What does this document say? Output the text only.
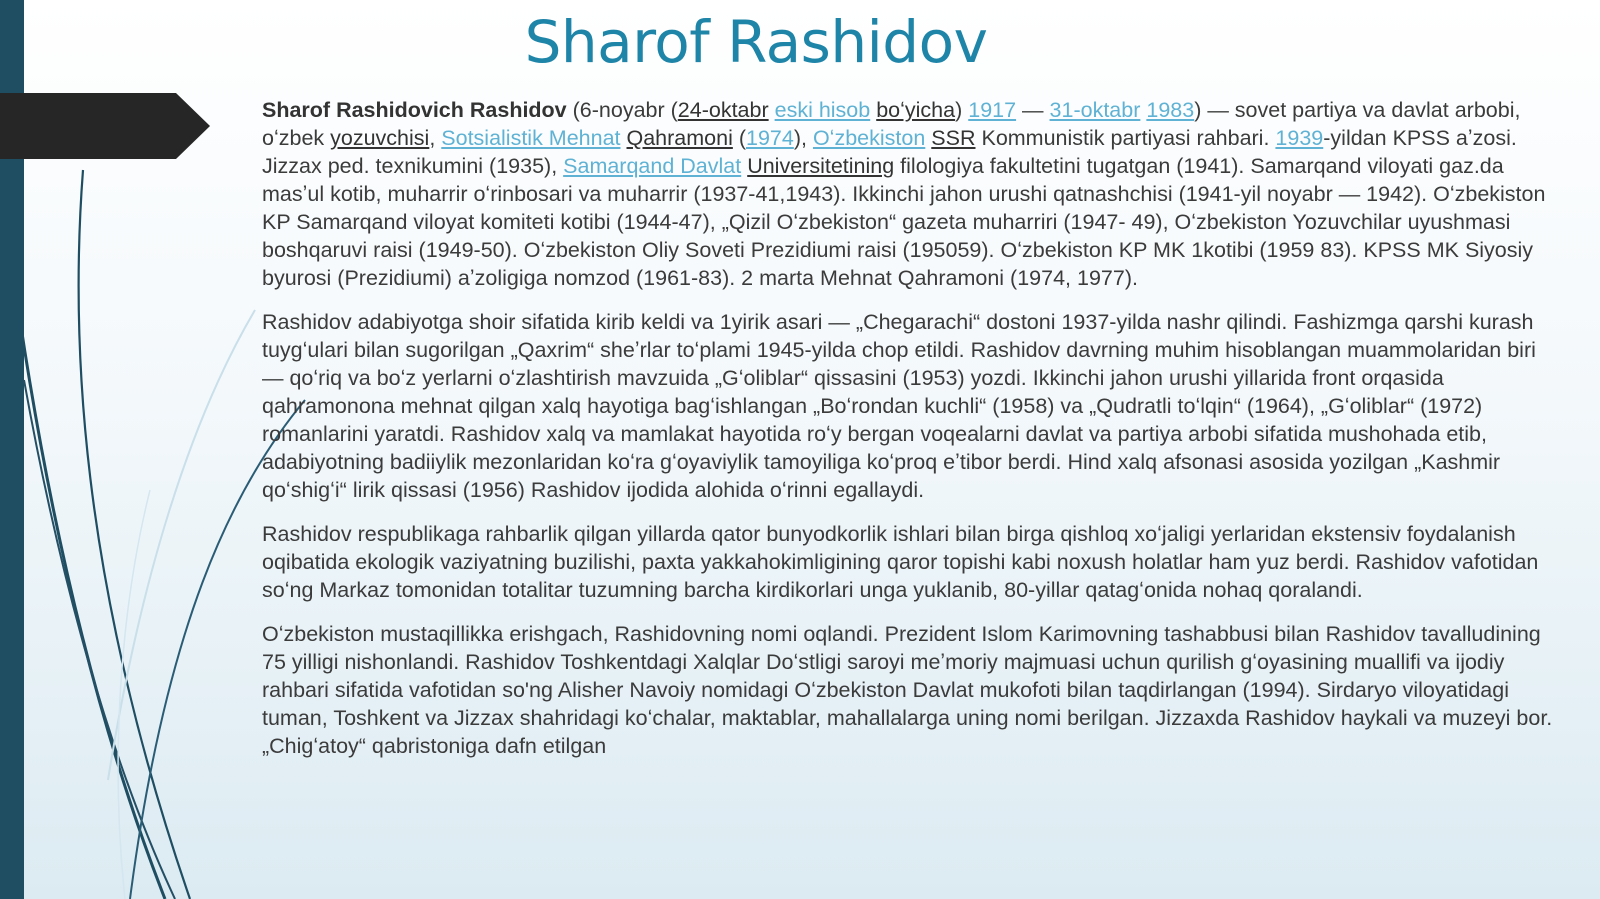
Sharof Rashidov

Sharof Rashidovich Rashidov (6-noyabr (24-oktabr eski hisob boʻyicha) 1917 — 31-oktabr 1983) — sovet partiya va davlat arbobi, oʻzbek yozuvchisi, Sotsialistik Mehnat Qahramoni (1974), Oʻzbekiston SSR Kommunistik partiyasi rahbari. 1939-yildan KPSS aʼzosi. Jizzax ped. texnikumini (1935), Samarqand Davlat Universitetining filologiya fakultetini tugatgan (1941). Samarqand viloyati gaz.da masʼul kotib, muharrir oʻrinbosari va muharrir (1937-41,1943). Ikkinchi jahon urushi qatnashchisi (1941-yil noyabr — 1942). Oʻzbekiston KP Samarqand viloyat komiteti kotibi (1944-47), „Qizil Oʻzbekiston“ gazeta muharriri (1947- 49), Oʻzbekiston Yozuvchilar uyushmasi boshqaruvi raisi (1949-50). Oʻzbekiston Oliy Soveti Prezidiumi raisi (195059). Oʻzbekiston KP MK 1kotibi (1959 83). KPSS MK Siyosiy byurosi (Prezidiumi) aʼzoligiga nomzod (1961-83). 2 marta Mehnat Qahramoni (1974, 1977).

Rashidov adabiyotga shoir sifatida kirib keldi va 1yirik asari — „Chegarachi“ dostoni 1937-yilda nashr qilindi. Fashizmga qarshi kurash tuygʻulari bilan sugorilgan „Qaxrim“ sheʼrlar toʻplami 1945-yilda chop etildi. Rashidov davrning muhim hisoblangan muammolaridan biri — qoʻriq va boʻz yerlarni oʻzlashtirish mavzuida „Gʻoliblar“ qissasini (1953) yozdi. Ikkinchi jahon urushi yillarida front orqasida qahramononа mehnat qilgan xalq hayotiga bagʻishlangan „Boʻrondan kuchli“ (1958) va „Qudratli toʻlqin“ (1964), „Gʻoliblar“ (1972) romanlarini yaratdi. Rashidov xalq va mamlakat hayotida roʻy bergan voqealarni davlat va partiya arbobi sifatida mushohada etib, adabiyotning badiiylik mezonlaridan koʻra gʻoyaviylik tamoyiliga koʻproq eʼtibor berdi. Hind xalq afsonasi asosida yozilgan „Kashmir qoʻshigʻi“ lirik qissasi (1956) Rashidov ijodida alohida oʻrinni egallaydi.

Rashidov respublikaga rahbarlik qilgan yillarda qator bunyodkorlik ishlari bilan birga qishloq xoʻjaligi yerlaridan ekstensiv foydalanish oqibatida ekologik vaziyatning buzilishi, paxta yakkahokimligining qaror topishi kabi noxush holatlar ham yuz berdi. Rashidov vafotidan soʻng Markaz tomonidan totalitar tuzumning barcha kirdikorlari unga yuklanib, 80-yillar qatagʻonida nohaq qoralandi.

Oʻzbekiston mustaqillikka erishgach, Rashidovning nomi oqlandi. Prezident Islom Karimovning tashabbusi bilan Rashidov tavalludining 75 yilligi nishonlandi. Rashidov Toshkentdagi Xalqlar Doʻstligi saroyi meʼmoriy majmuasi uchun qurilish gʻoyasining muallifi va ijodiy rahbari sifatida vafotidan so'ng Alisher Navoiy nomidagi Oʻzbekiston Davlat mukofoti bilan taqdirlangan (1994). Sirdaryo viloyatidagi tuman, Toshkent va Jizzax shahridagi koʻchalar, maktablar, mahallalarga uning nomi berilgan. Jizzaxda Rashidov haykali va muzeyi bor. „Chigʻatoy“ qabristoniga dafn etilgan
